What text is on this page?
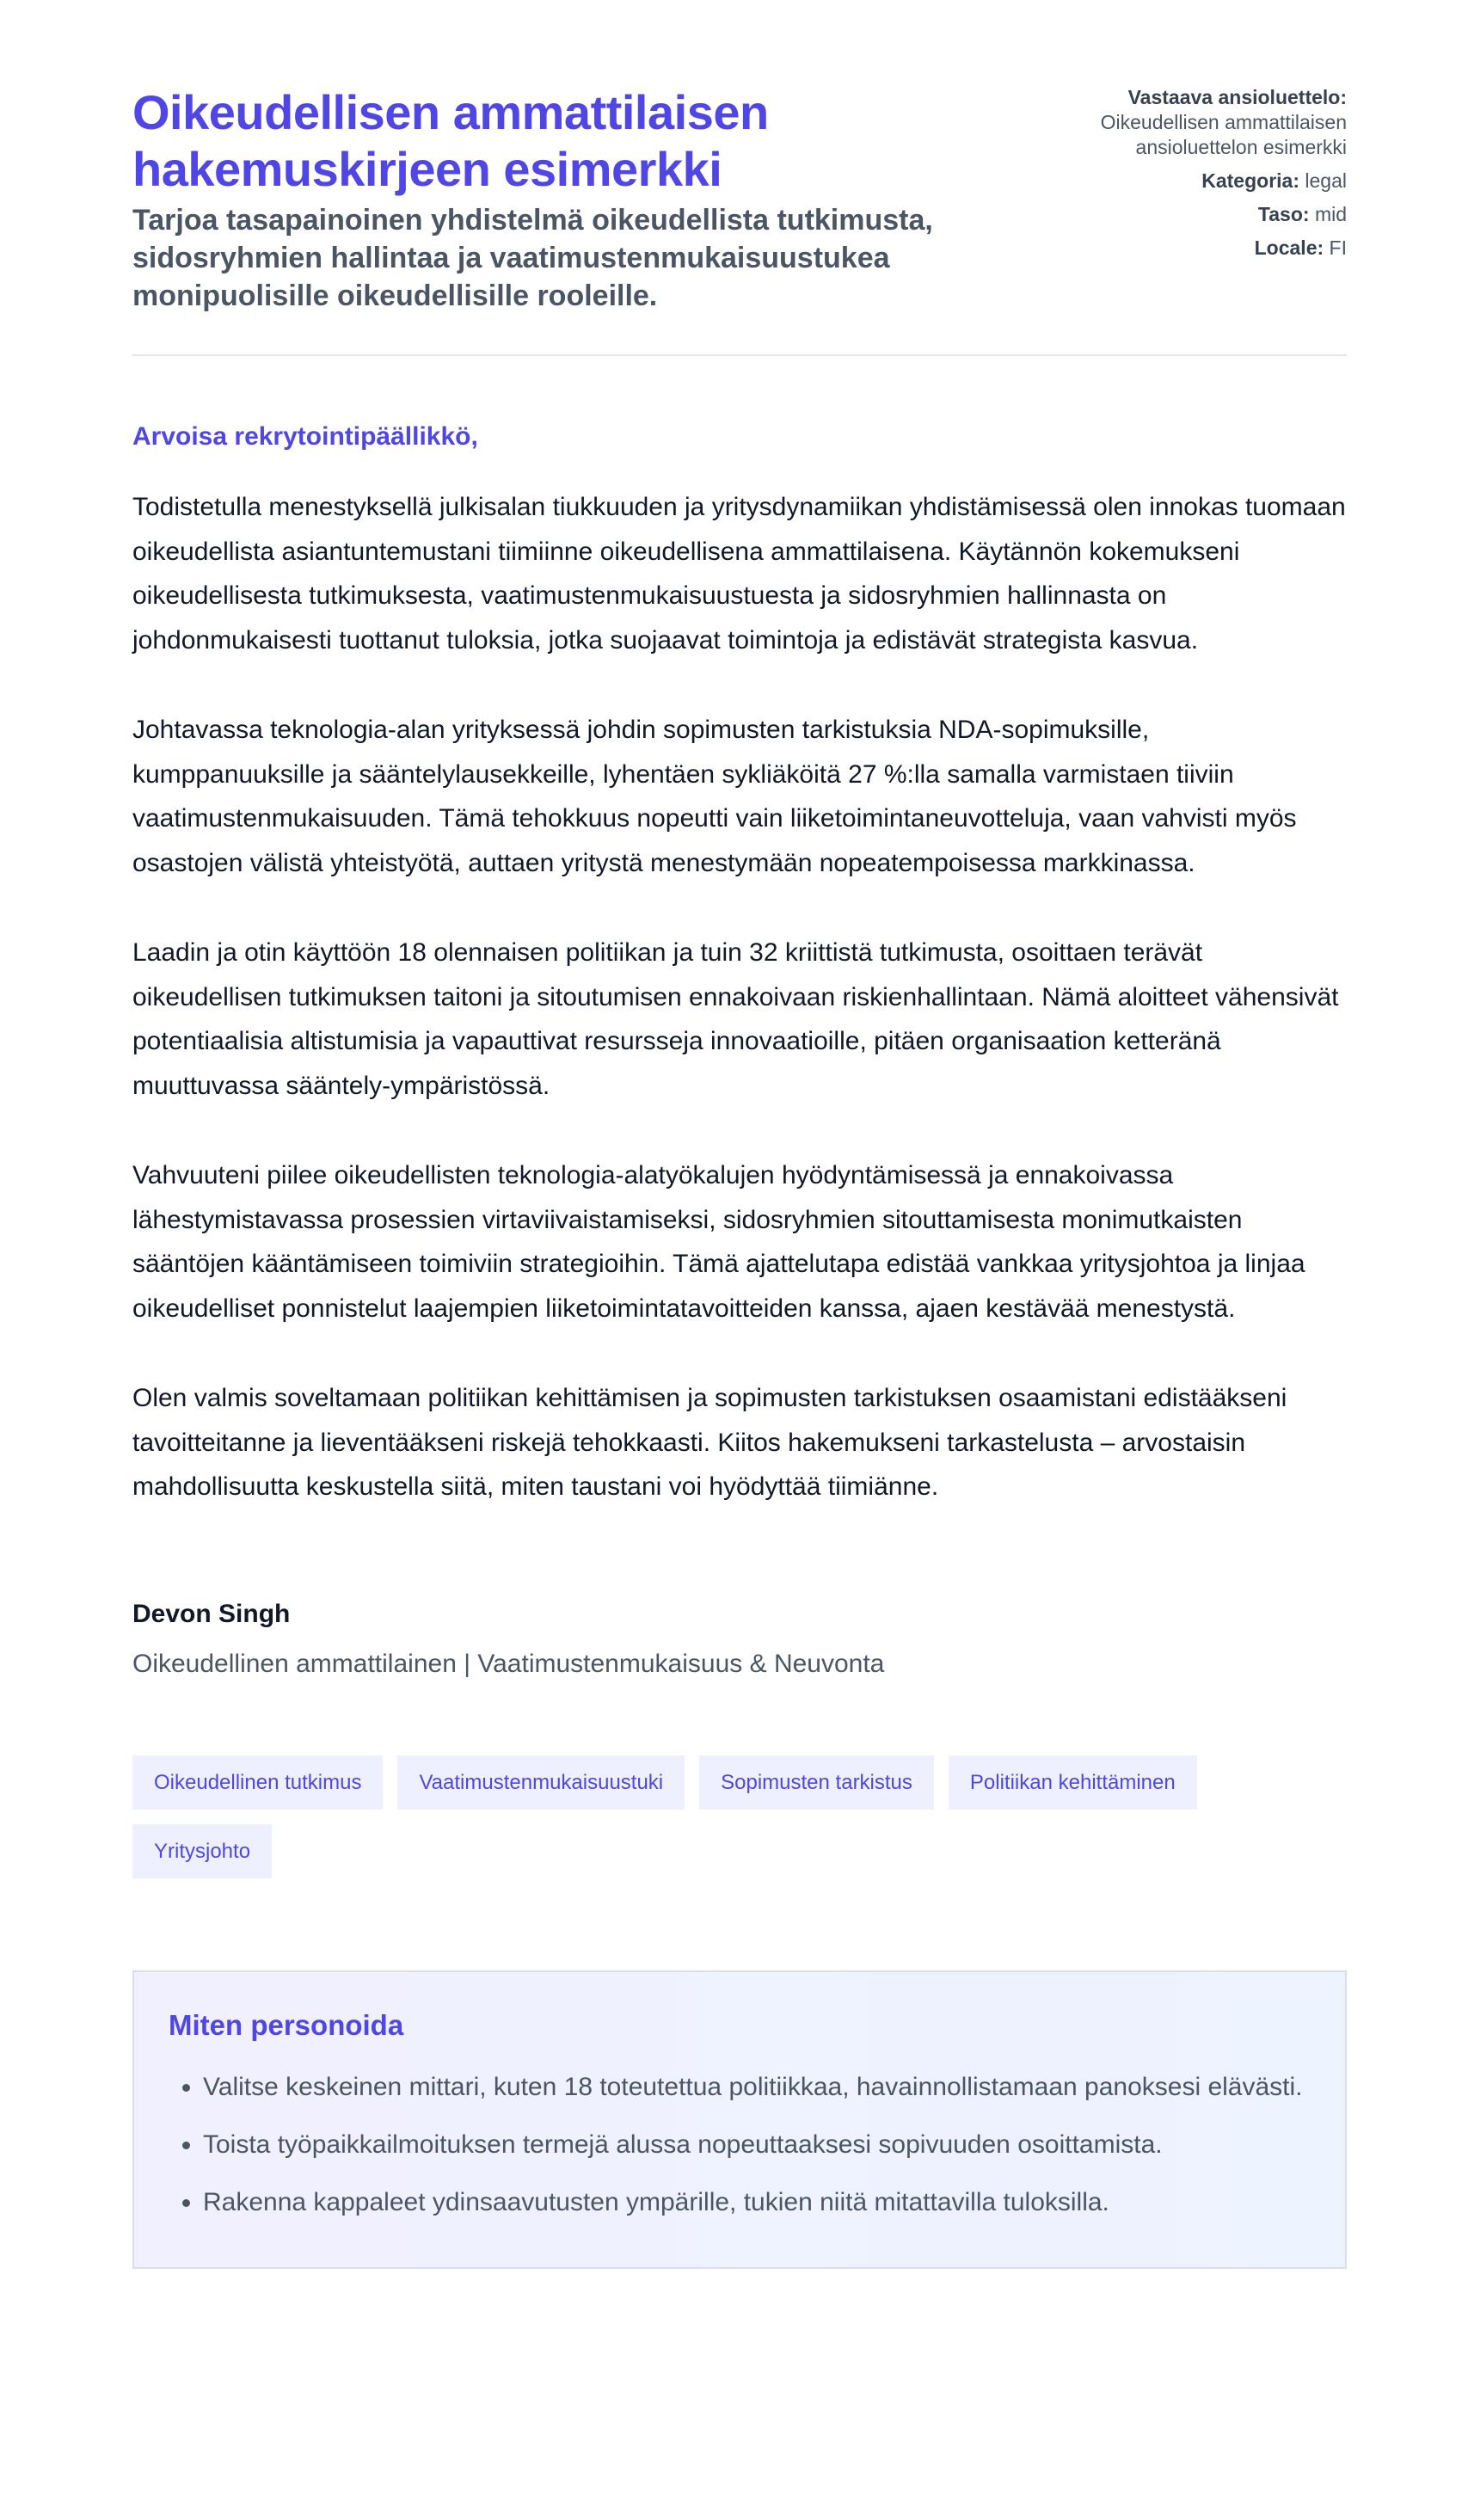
Oikeudellisen ammattilaisen hakemuskirjeen esimerkki

Tarjoa tasapainoinen yhdistelmä oikeudellista tutkimusta, sidosryhmien hallintaa ja vaatimustenmukaisuustukea monipuolisille oikeudellisille rooleille.

Vastaava ansioluettelo:
Oikeudellisen ammattilaisen ansioluettelon esimerkki
Kategoria: legal
Taso: mid
Locale: FI

Arvoisa rekrytointipäällikkö,

Todistetulla menestyksellä julkisalan tiukkuuden ja yritysdynamiikan yhdistämisessä olen innokas tuomaan oikeudellista asiantuntemustani tiimiinne oikeudellisena ammattilaisena. Käytännön kokemukseni oikeudellisesta tutkimuksesta, vaatimustenmukaisuustuesta ja sidosryhmien hallinnasta on johdonmukaisesti tuottanut tuloksia, jotka suojaavat toimintoja ja edistävät strategista kasvua.

Johtavassa teknologia-alan yrityksessä johdin sopimusten tarkistuksia NDA-sopimuksille, kumppanuuksille ja sääntelylausekkeille, lyhentäen sykliäköitä 27 %:lla samalla varmistaen tiiviin vaatimustenmukaisuuden. Tämä tehokkuus nopeutti vain liiketoimintaneuvotteluja, vaan vahvisti myös osastojen välistä yhteistyötä, auttaen yritystä menestymään nopeatempoisessa markkinassa.

Laadin ja otin käyttöön 18 olennaisen politiikan ja tuin 32 kriittistä tutkimusta, osoittaen terävät oikeudellisen tutkimuksen taitoni ja sitoutumisen ennakoivaan riskienhallintaan. Nämä aloitteet vähensivät potentiaalisia altistumisia ja vapauttivat resursseja innovaatioille, pitäen organisaation ketteränä muuttuvassa sääntely-ympäristössä.

Vahvuuteni piilee oikeudellisten teknologia-alatyökalujen hyödyntämisessä ja ennakoivassa lähestymistavassa prosessien virtaviivaistamiseksi, sidosryhmien sitouttamisesta monimutkaisten sääntöjen kääntämiseen toimiviin strategioihin. Tämä ajattelutapa edistää vankkaa yritysjohtoa ja linjaa oikeudelliset ponnistelut laajempien liiketoimintatavoitteiden kanssa, ajaen kestävää menestystä.

Olen valmis soveltamaan politiikan kehittämisen ja sopimusten tarkistuksen osaamistani edistääkseni tavoitteitanne ja lieventääkseni riskejä tehokkaasti. Kiitos hakemukseni tarkastelusta – arvostaisin mahdollisuutta keskustella siitä, miten taustani voi hyödyttää tiimiänne.

Devon Singh
Oikeudellinen ammattilainen | Vaatimustenmukaisuus & Neuvonta
Oikeudellinen tutkimus	Vaatimustenmukaisuustuki	Sopimusten tarkistus	Politiikan kehittäminen
Yritysjohto
Miten personoida
• Valitse keskeinen mittari, kuten 18 toteutettua politiikkaa, havainnollistamaan panoksesi elävästi.
• Toista työpaikkailmoituksen termejä alussa nopeuttaaksesi sopivuuden osoittamista.
• Rakenna kappaleet ydinsaavutusten ympärille, tukien niitä mitattavilla tuloksilla.
